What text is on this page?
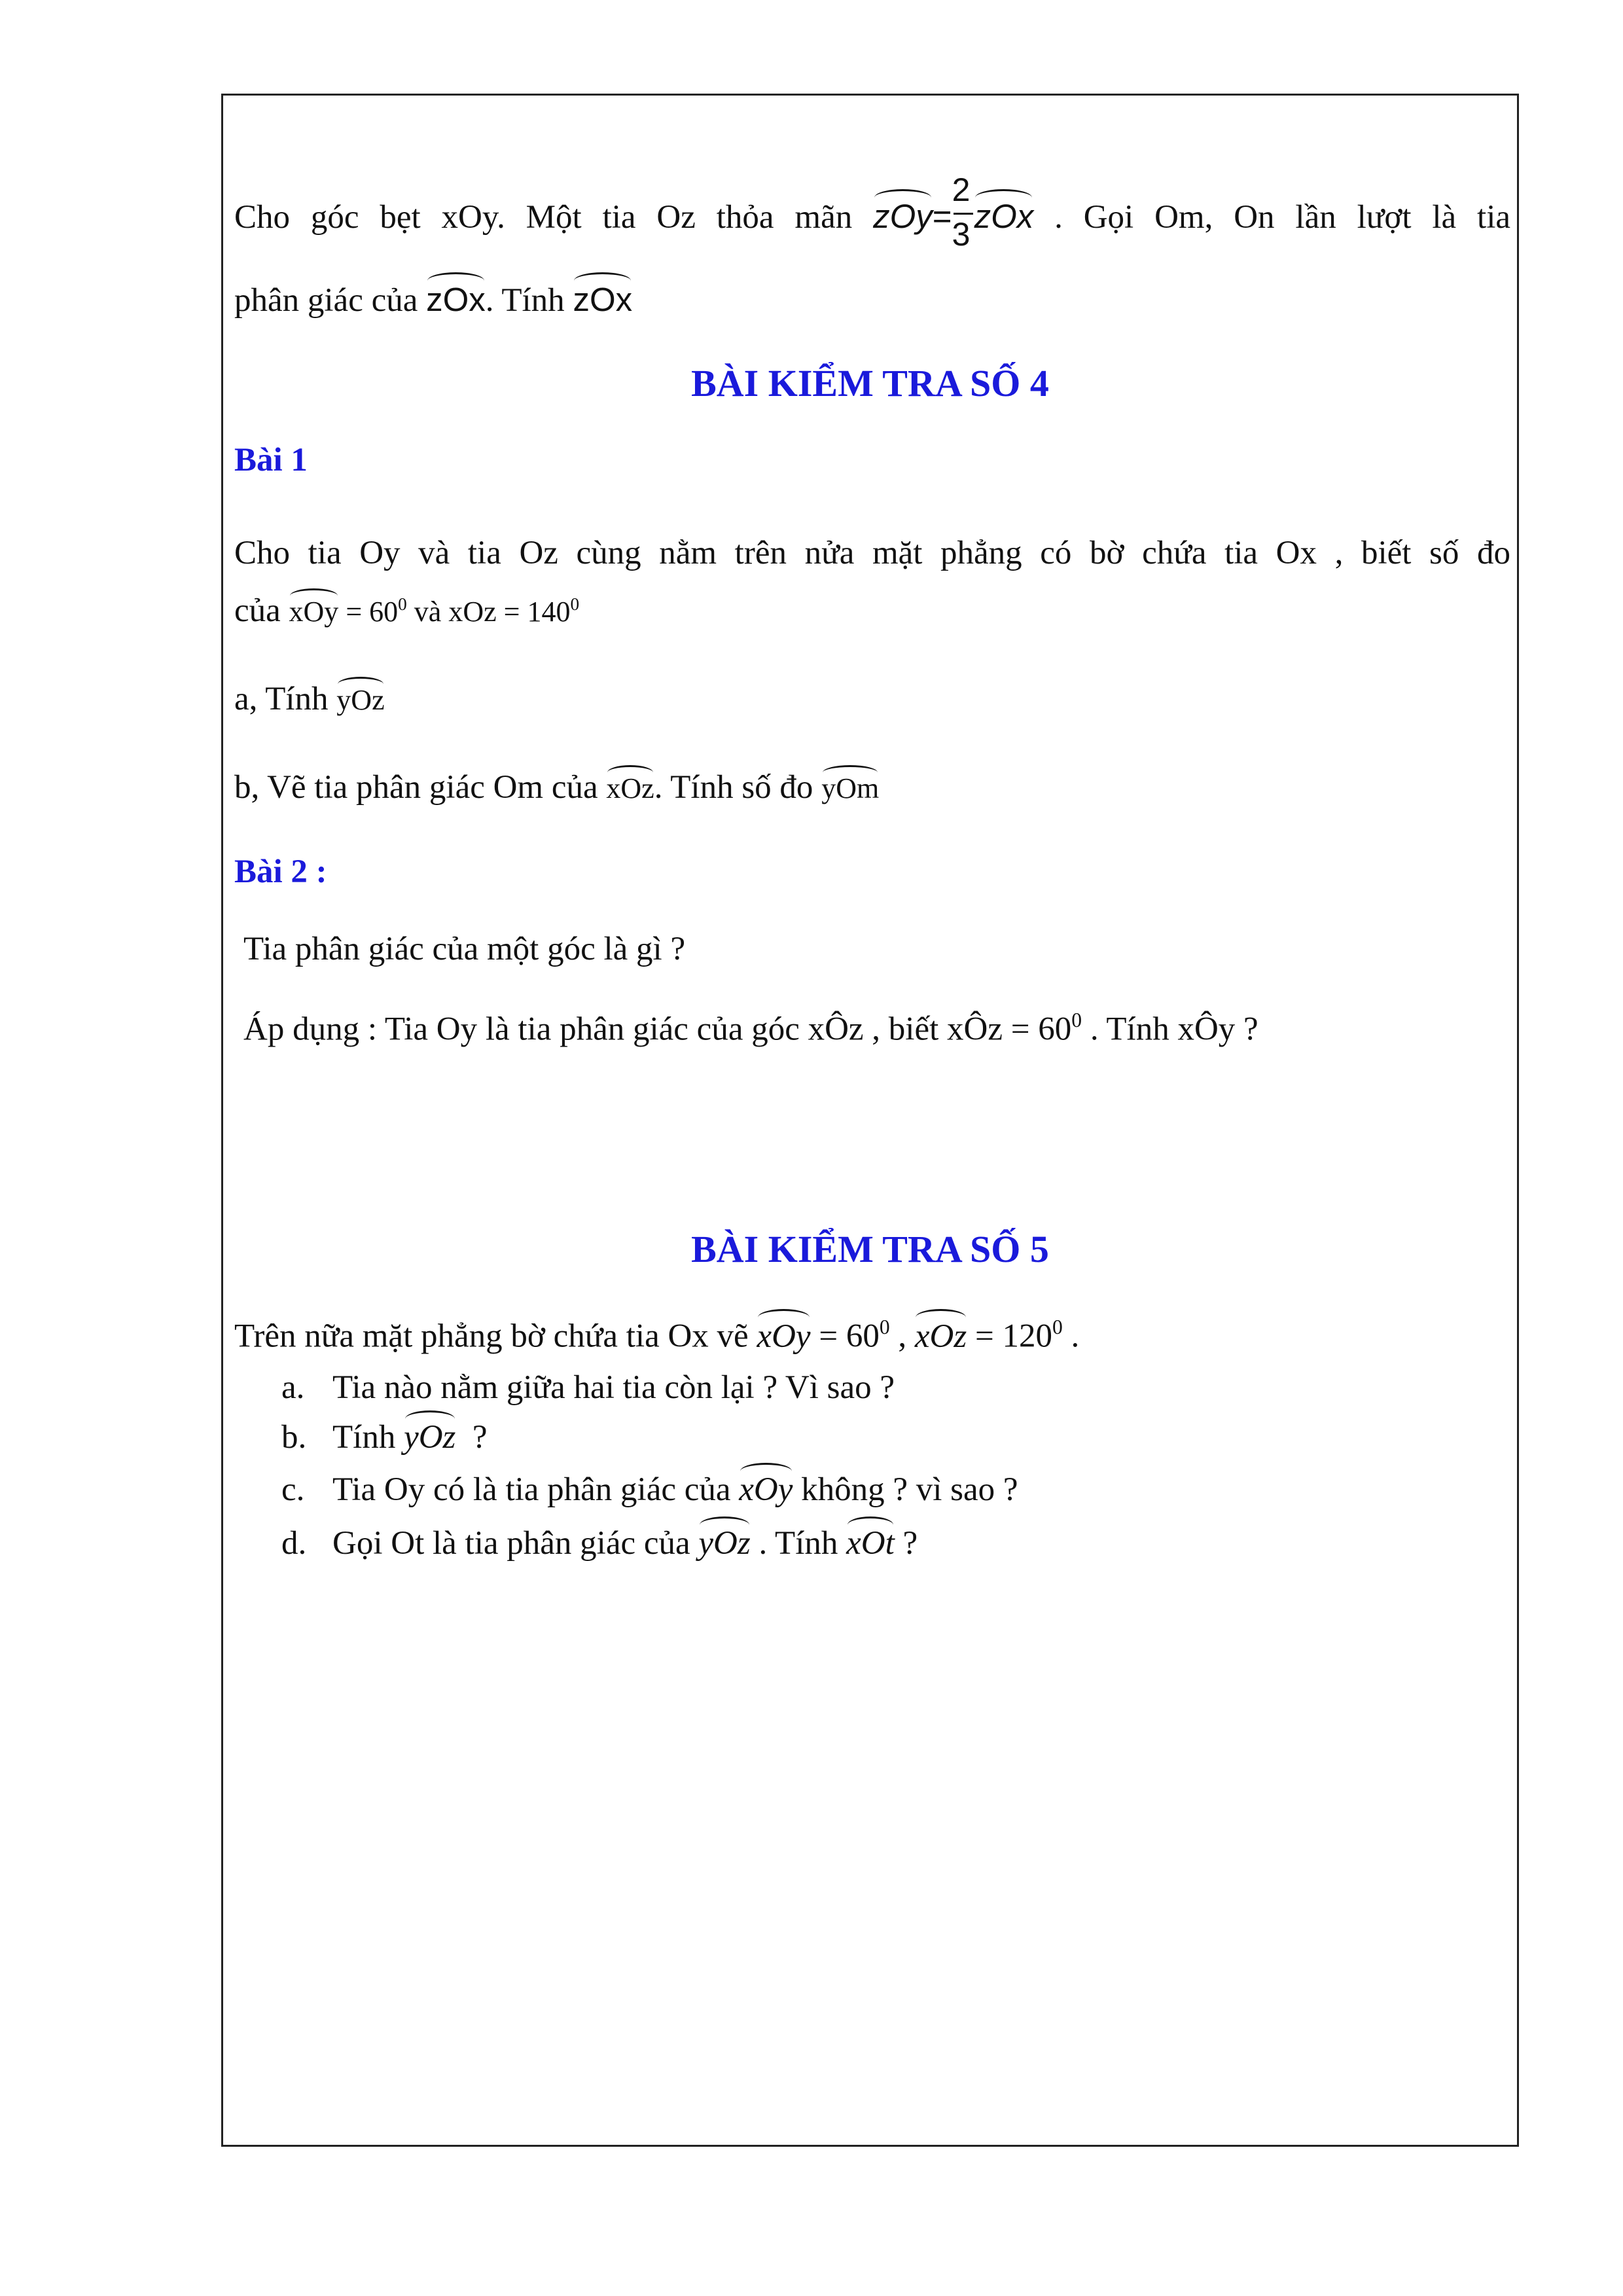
Cho góc bẹt xOy. Một tia Oz thỏa mãn $zOy= \frac{2}{3}$ zOx . Gọi Om, On lần lượt là tia
phân giác của zOx. Tính zOx
BÀI KIỂM TRA SỐ 4
Bài 1
Cho tia Oy và tia Oz cùng nằm trên nửa mặt phẳng có bờ chứa tia Ox , biết số đo
của xOy = $60^0$ và xOz = $140^0$
a, Tính yOz
b, Vẽ tia phân giác Om của xOz. Tính số đo yOm
Bài 2 :
Tia phân giác của một góc là gì ?
Áp dụng : Tia Oy là tia phân giác của góc xÔz , biết xÔz = $60^0$ . Tính xÔy ?
BÀI KIỂM TRA SỐ 5
Trên nữa mặt phẳng bờ chứa tia Ox vẽ xOy = $60^0$ , xOz = $120^0$ .
a. Tia nào nằm giữa hai tia còn lại ? Vì sao ?
b. Tính yOz ?
c. Tia Oy có là tia phân giác của xOy không ? vì sao ?
d. Gọi Ot là tia phân giác của yOz . Tính xOt ?
